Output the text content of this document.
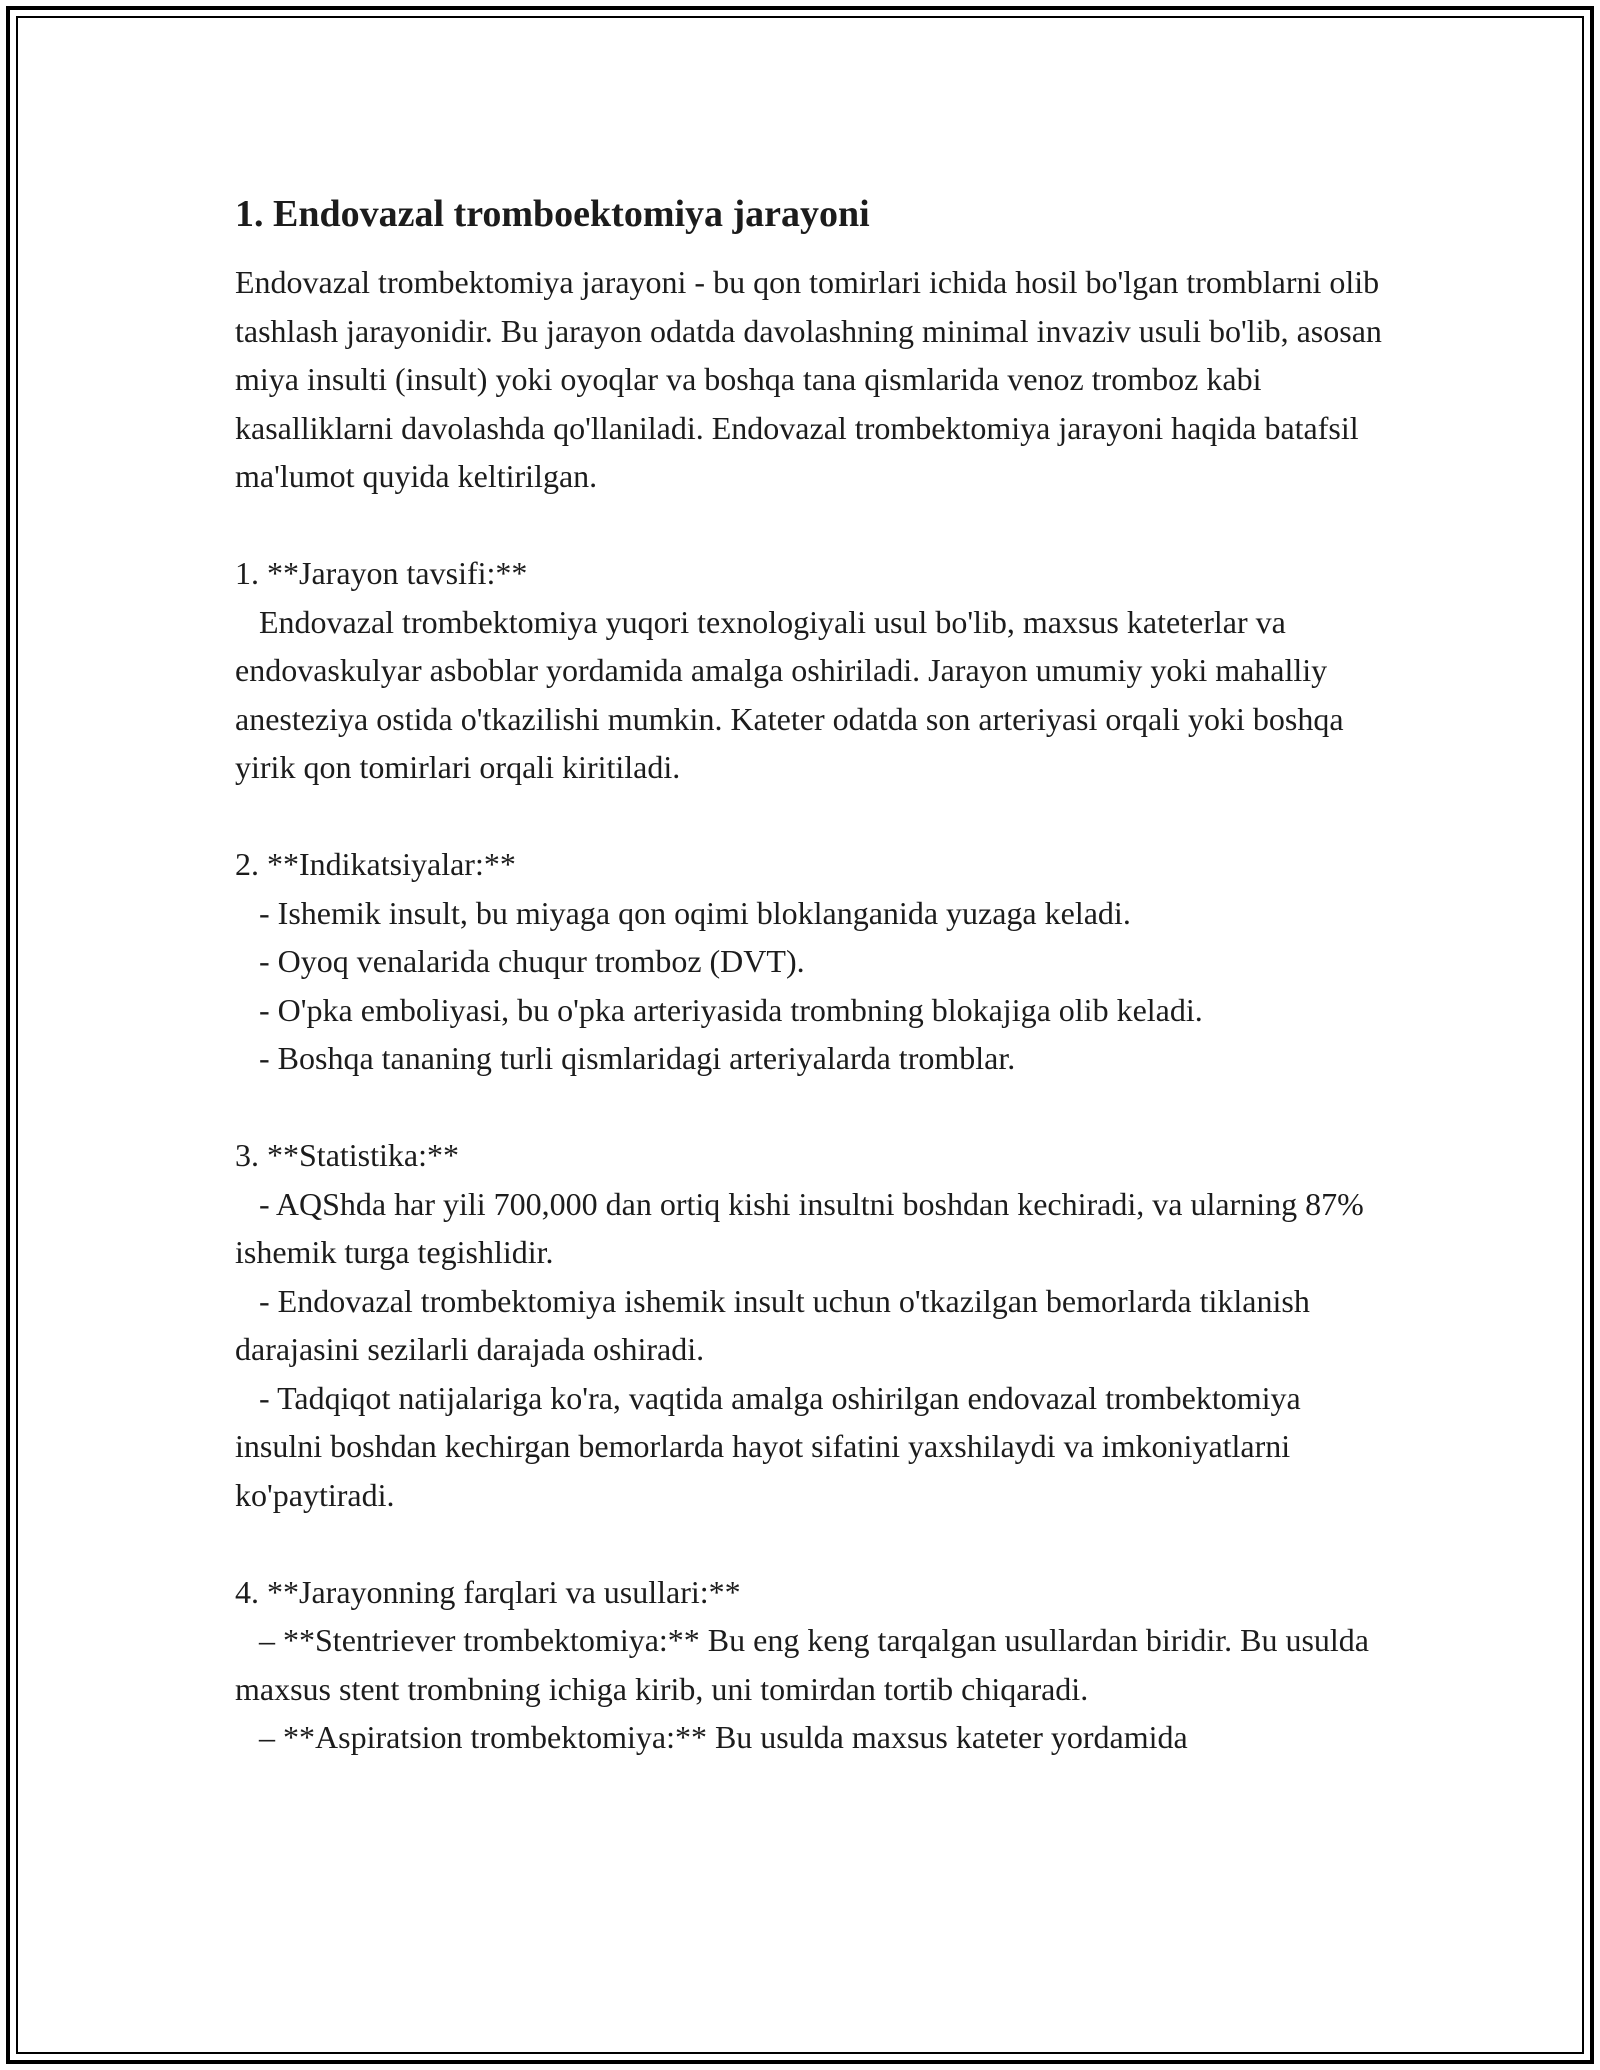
1. Endovazal tromboektomiya jarayoni

Endovazal trombektomiya jarayoni - bu qon tomirlari ichida hosil bo'lgan tromblarni olib tashlash jarayonidir. Bu jarayon odatda davolashning minimal invaziv usuli bo'lib, asosan miya insulti (insult) yoki oyoqlar va boshqa tana qismlarida venoz tromboz kabi kasalliklarni davolashda qo'llaniladi. Endovazal trombektomiya jarayoni haqida batafsil ma'lumot quyida keltirilgan.

1. **Jarayon tavsifi:**
Endovazal trombektomiya yuqori texnologiyali usul bo'lib, maxsus kateterlar va endovaskulyar asboblar yordamida amalga oshiriladi. Jarayon umumiy yoki mahalliy anesteziya ostida o'tkazilishi mumkin. Kateter odatda son arteriyasi orqali yoki boshqa yirik qon tomirlari orqali kiritiladi.
2. **Indikatsiyalar:**
- Ishemik insult, bu miyaga qon oqimi bloklanganida yuzaga keladi.
- Oyoq venalarida chuqur tromboz (DVT).
- O'pka emboliyasi, bu o'pka arteriyasida trombning blokajiga olib keladi.
- Boshqa tananing turli qismlaridagi arteriyalarda tromblar.
3. **Statistika:**
- AQShda har yili 700,000 dan ortiq kishi insultni boshdan kechiradi, va ularning 87% ishemik turga tegishlidir.
- Endovazal trombektomiya ishemik insult uchun o'tkazilgan bemorlarda tiklanish darajasini sezilarli darajada oshiradi.
- Tadqiqot natijalariga ko'ra, vaqtida amalga oshirilgan endovazal trombektomiya insulni boshdan kechirgan bemorlarda hayot sifatini yaxshilaydi va imkoniyatlarni ko'paytiradi.
4. **Jarayonning farqlari va usullari:**
– **Stentriever trombektomiya:** Bu eng keng tarqalgan usullardan biridir. Bu usulda maxsus stent trombning ichiga kirib, uni tomirdan tortib chiqaradi.
– **Aspiratsion trombektomiya:** Bu usulda maxsus kateter yordamida
